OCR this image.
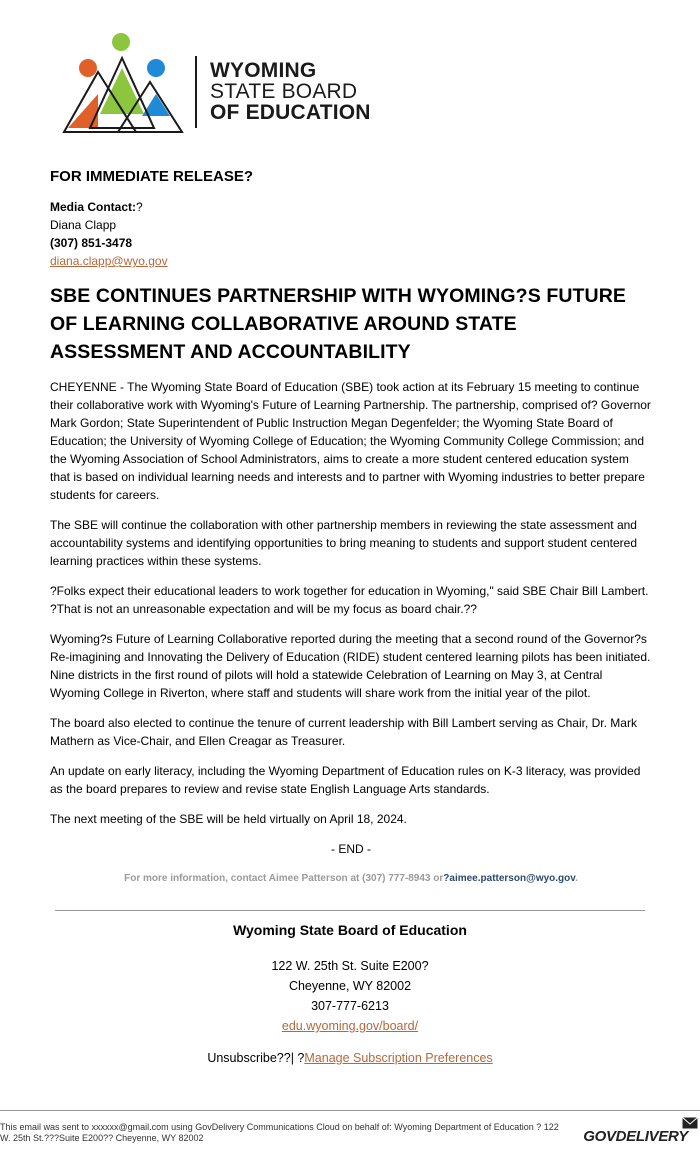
WYOMING
STATE BOARD
OF EDUCATION
FOR IMMEDIATE RELEASE?
Media Contact:?
Diana Clapp
(307) 851-3478
diana.clapp@wyo.gov
SBE CONTINUES PARTNERSHIP WITH WYOMING?S FUTURE OF LEARNING COLLABORATIVE AROUND STATE ASSESSMENT AND ACCOUNTABILITY

CHEYENNE - The Wyoming State Board of Education (SBE) took action at its February 15 meeting to continue their collaborative work with Wyoming's Future of Learning Partnership. The partnership, comprised of? Governor Mark Gordon; State Superintendent of Public Instruction Megan Degenfelder; the Wyoming State Board of Education; the University of Wyoming College of Education; the Wyoming Community College Commission; and the Wyoming Association of School Administrators, aims to create a more student centered education system that is based on individual learning needs and interests and to partner with Wyoming industries to better prepare students for careers.

The SBE will continue the collaboration with other partnership members in reviewing the state assessment and accountability systems and identifying opportunities to bring meaning to students and support student centered learning practices within these systems.

?Folks expect their educational leaders to work together for education in Wyoming," said SBE Chair Bill Lambert. ?That is not an unreasonable expectation and will be my focus as board chair.??

Wyoming?s Future of Learning Collaborative reported during the meeting that a second round of the Governor?s Re-imagining and Innovating the Delivery of Education (RIDE) student centered learning pilots has been initiated. Nine districts in the first round of pilots will hold a statewide Celebration of Learning on May 3, at Central Wyoming College in Riverton, where staff and students will share work from the initial year of the pilot.

The board also elected to continue the tenure of current leadership with Bill Lambert serving as Chair, Dr. Mark Mathern as Vice-Chair, and Ellen Creagar as Treasurer.

An update on early literacy, including the Wyoming Department of Education rules on K-3 literacy, was provided as the board prepares to review and revise state English Language Arts standards.

The next meeting of the SBE will be held virtually on April 18, 2024.

- END -

For more information, contact Aimee Patterson at (307) 777-8943 or?aimee.patterson@wyo.gov.

Wyoming State Board of Education
122 W. 25th St. Suite E200?
Cheyenne, WY 82002
307-777-6213
edu.wyoming.gov/board/
Unsubscribe??| ?Manage Subscription Preferences
This email was sent to xxxxxx@gmail.com using GovDelivery Communications Cloud on behalf of: Wyoming Department of Education ? 122 W. 25th St.???Suite E200?? Cheyenne, WY 82002	GOVDELIVERY
